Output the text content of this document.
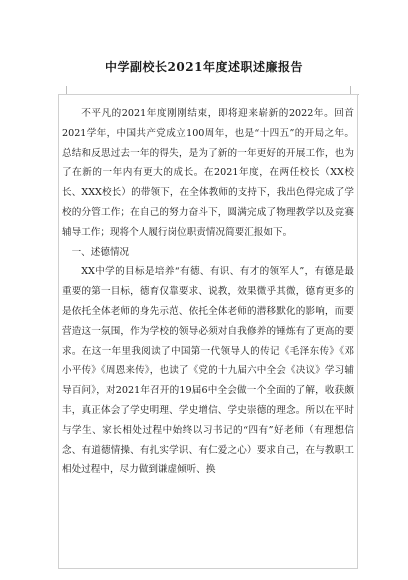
中学副校长2021年度述职述廉报告

不平凡的2021年度刚刚结束，即将迎来崭新的2022年。回首2021学年，中国共产党成立100周年，也是“十四五”的开局之年。总结和反思过去一年的得失，是为了新的一年更好的开展工作，也为了在新的一年内有更大的成长。在2021年度，在两任校长（XX校长、XXX校长）的带领下，在全体教师的支持下，我出色得完成了学校的分管工作；在自己的努力奋斗下，圆满完成了物理教学以及竞赛辅导工作；现将个人履行岗位职责情况简要汇报如下。

一、述德情况

XX中学的目标是培养“有德、有识、有才的领军人”，有德是最重要的第一目标，德育仅靠要求、说教，效果微乎其微，德育更多的是依托全体老师的身先示范、依托全体老师的潜移默化的影响，而要营造这一氛围，作为学校的领导必须对自我修养的锤炼有了更高的要求。在这一年里我阅读了中国第一代领导人的传记《毛泽东传》《邓小平传》《周恩来传》，也读了《党的十九届六中全会《决议》学习辅导百问》，对2021年召开的19届6中全会做一个全面的了解，收获颇丰，真正体会了学史明理、学史增信、学史崇德的理念。所以在平时与学生、家长相处过程中始终以习书记的“四有”好老师（有理想信念、有道德情操、有扎实学识、有仁爱之心）要求自己，在与教职工相处过程中，尽力做到谦虚倾听、换
